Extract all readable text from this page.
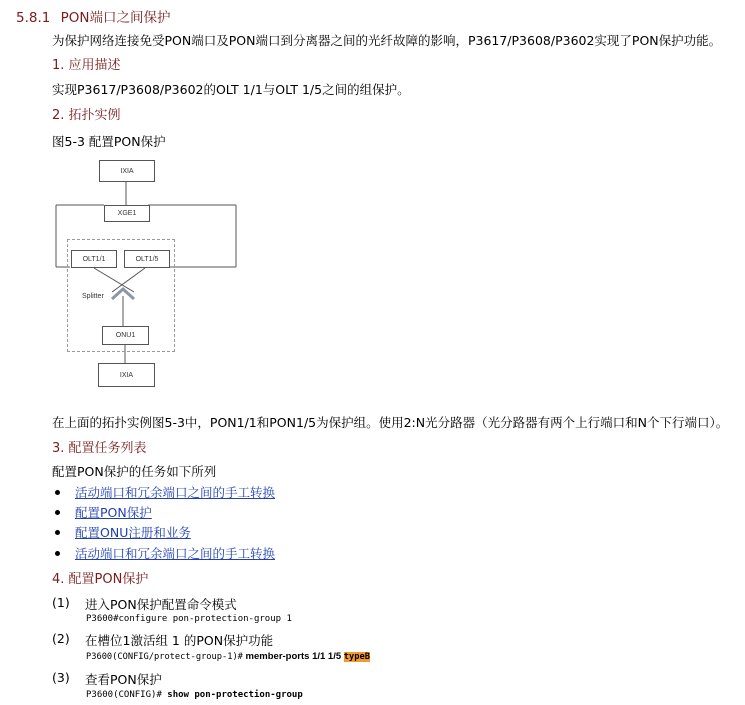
5.8.1 PON端口之间保护
为保护网络连接免受PON端口及PON端口到分离器之间的光纤故障的影响，P3617/P3608/P3602实现了PON保护功能。
1. 应用描述
实现P3617/P3608/P3602的OLT 1/1与OLT 1/5之间的组保护。
2. 拓扑实例
图5-3 配置PON保护
IXIA
XGE1
OLT1/1	OLT1/5
Splitter
ONU1
IXIA
在上面的拓扑实例图5-3中，PON1/1和PON1/5为保护组。使用2:N光分路器（光分路器有两个上行端口和N个下行端口）。
3. 配置任务列表
配置PON保护的任务如下所列
活动端口和冗余端口之间的手工转换
配置PON保护
配置ONU注册和业务
活动端口和冗余端口之间的手工转换
4. 配置PON保护
(1) 进入PON保护配置命令模式
P3600#configure pon-protection-group 1
(2) 在槽位1激活组 1 的PON保护功能
P3600(CONFIG/protect-group-1)# member-ports 1/1 1/5 typeB
(3) 查看PON保护
P3600(CONFIG)# show pon-protection-group
